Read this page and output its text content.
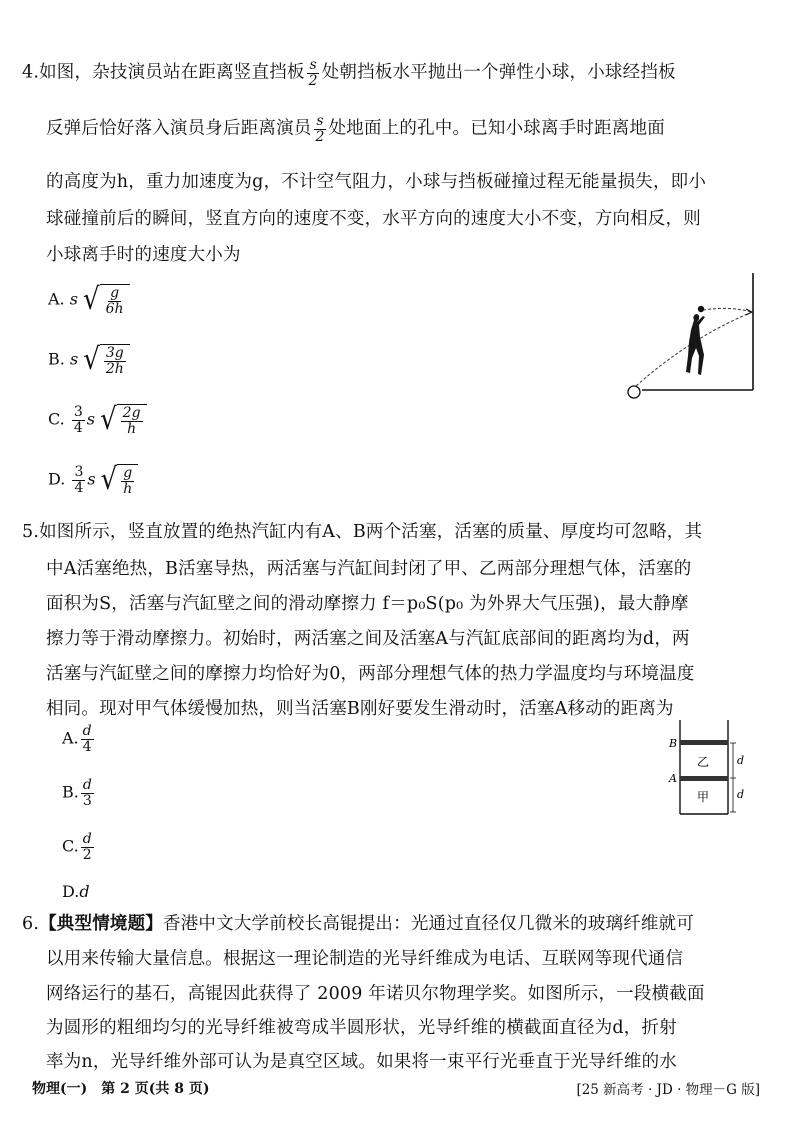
4.如图，杂技演员站在距离竖直挡板 $\frac{s}{2}$ 处朝挡板水平抛出一个弹性小球，小球经挡板
反弹后恰好落入演员身后距离演员 $\frac{s}{2}$ 处地面上的孔中。已知小球离手时距离地面
的高度为h，重力加速度为g，不计空气阻力，小球与挡板碰撞过程无能量损失，即小
球碰撞前后的瞬间，竖直方向的速度不变，水平方向的速度大小不变，方向相反，则
小球离手时的速度大小为
A. s √ $\frac{g}{6h}$
B. s √ $\frac{3g}{2h}$
C. $\frac{3}{4}$ s √ $\frac{2g}{h}$
D. $\frac{3}{4}$ s √ $\frac{g}{h}$
5.如图所示，竖直放置的绝热汽缸内有A、B两个活塞，活塞的质量、厚度均可忽略，其
中A活塞绝热，B活塞导热，两活塞与汽缸间封闭了甲、乙两部分理想气体，活塞的
面积为S，活塞与汽缸壁之间的滑动摩擦力 f＝p₀S(p₀ 为外界大气压强)，最大静摩
擦力等于滑动摩擦力。初始时，两活塞之间及活塞A与汽缸底部间的距离均为d，两
活塞与汽缸壁之间的摩擦力均恰好为0，两部分理想气体的热力学温度均与环境温度
相同。现对甲气体缓慢加热，则当活塞B刚好要发生滑动时，活塞A移动的距离为
A. $\frac{d}{4}$
B. $\frac{d}{3}$
C. $\frac{d}{2}$
D.d
B
A
乙
甲
d
d
6.【典型情境题】香港中文大学前校长高锟提出：光通过直径仅几微米的玻璃纤维就可
以用来传输大量信息。根据这一理论制造的光导纤维成为电话、互联网等现代通信
网络运行的基石，高锟因此获得了 2009 年诺贝尔物理学奖。如图所示，一段横截面
为圆形的粗细均匀的光导纤维被弯成半圆形状，光导纤维的横截面直径为d，折射
率为n，光导纤维外部可认为是真空区域。如果将一束平行光垂直于光导纤维的水
物理(一)　第 2 页(共 8 页)	[25 新高考 · JD · 物理－G 版]
